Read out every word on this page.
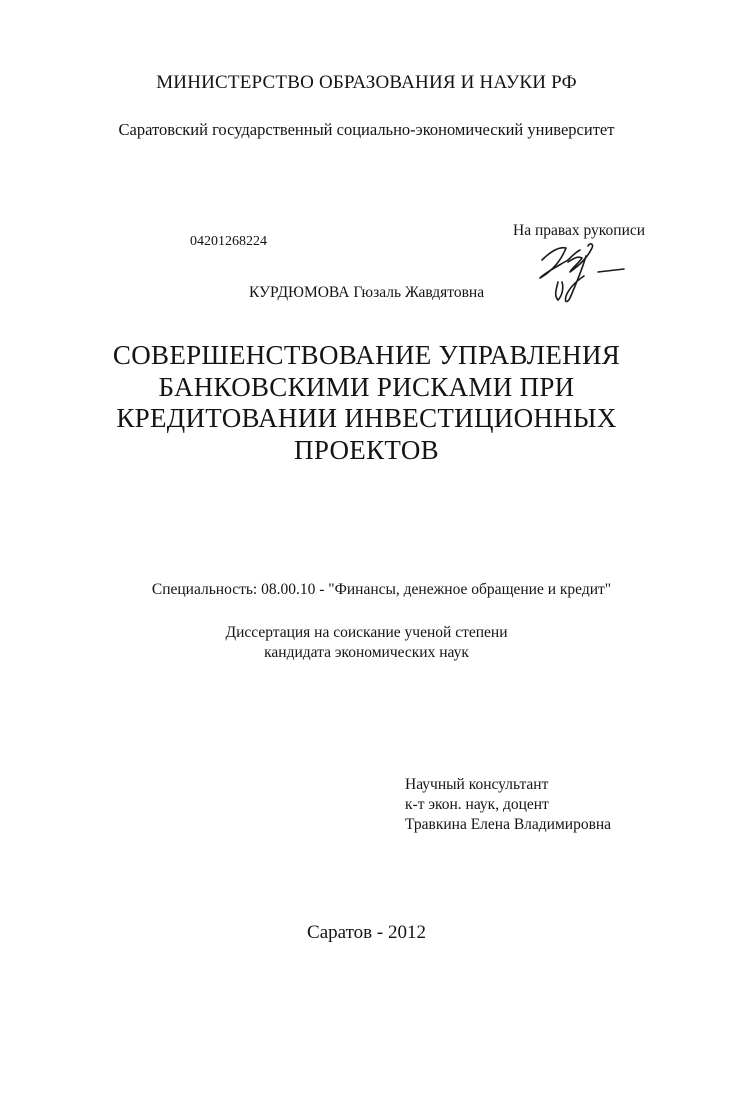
МИНИСТЕРСТВО ОБРАЗОВАНИЯ И НАУКИ РФ

Саратовский государственный социально-экономический университет

04201268224

На правах рукописи

КУРДЮМОВА Гюзаль Жавдятовна

СОВЕРШЕНСТВОВАНИЕ УПРАВЛЕНИЯ
БАНКОВСКИМИ РИСКАМИ ПРИ
КРЕДИТОВАНИИ ИНВЕСТИЦИОННЫХ
ПРОЕКТОВ

Специальность: 08.00.10 - "Финансы, денежное обращение и кредит"

Диссертация на соискание ученой степени

кандидата экономических наук

Научный консультант

к-т экон. наук, доцент

Травкина Елена Владимировна

Саратов - 2012
